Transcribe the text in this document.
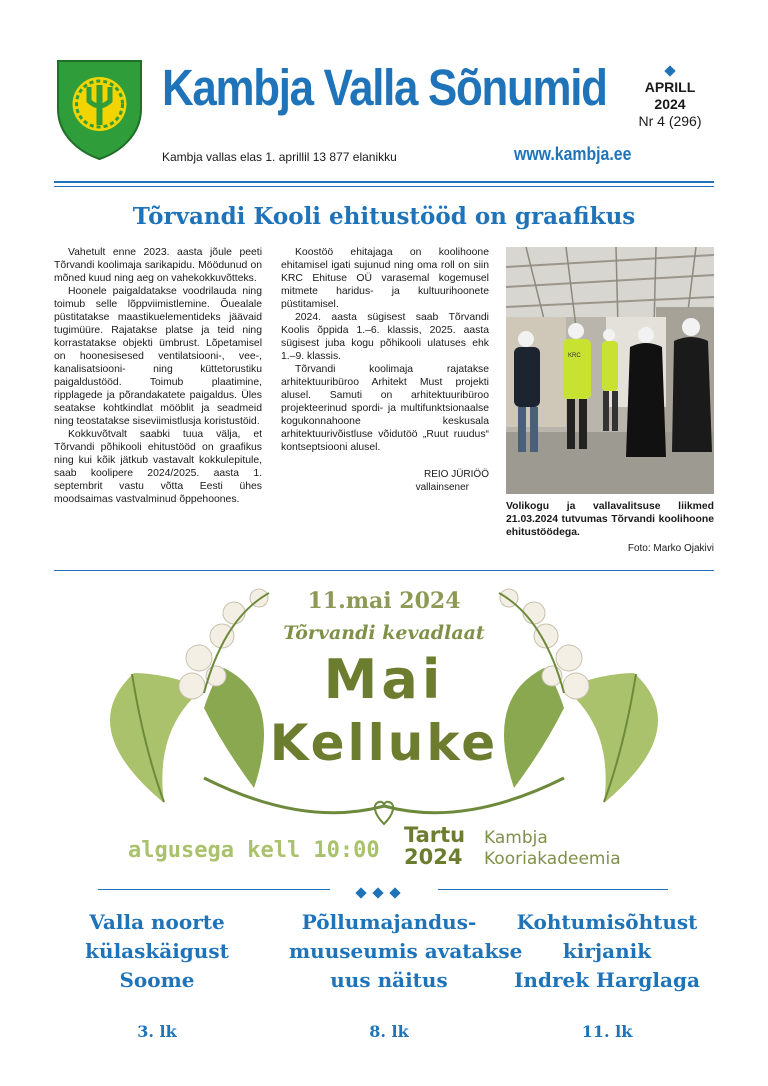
Kambja Valla Sõnumid	APRILL
2024
Nr 4 (296)
Kambja vallas elas 1. aprillil 13 877 elanikku	www.kambja.ee
Tõrvandi Kooli ehitustööd on graafikus

Vahetult enne 2023. aasta jõule peeti Tõrvandi koolimaja sarikapidu. Möödunud on mõned kuud ning aeg on vahekokkuvõtteks.

Hoonele paigaldatakse voodrilauda ning toimub selle lõppviimistlemine. Õuealale püstitatakse maastikuelementideks jäävaid tugimüüre. Rajatakse platse ja teid ning korrastatakse objekti ümbrust. Lõpetamisel on hoonesisesed ventilatsiooni-, vee-, kanalisatsiooni- ning küttetorustiku paigaldustööd. Toimub plaatimine, ripplagede ja põrandakatete paigaldus. Üles seatakse kohtkindlat mööblit ja seadmeid ning teostatakse siseviimistlusja koristustöid.

Kokkuvõtvalt saabki tuua välja, et Tõrvandi põhikooli ehitustööd on graafikus ning kui kõik jätkub vastavalt kokkulepitule, saab koolipere 2024/2025. aasta 1. septembrit vastu võtta Eesti ühes moodsaimas vastvalminud õppehoones.

Koostöö ehitajaga on koolihoone ehitamisel igati sujunud ning oma roll on siin KRC Ehituse OÜ varasemal kogemusel mitmete haridus- ja kultuurihoonete püstitamisel.

2024. aasta sügisest saab Tõrvandi Koolis õppida 1.–6. klassis, 2025. aasta sügisest juba kogu põhikooli ulatuses ehk 1.–9. klassis.

Tõrvandi koolimaja rajatakse arhitektuuribüroo Arhitekt Must projekti alusel. Samuti on arhitektuuribüroo projekteerinud spordi- ja multifunktsionaalse kogukonnahoone keskusala arhitektuurivõistluse võidutöö „Ruut ruudus“ kontseptsiooni alusel.

REIO JÜRIÖÖ
vallainsener
KRC
Volikogu ja vallavalitsuse liikmed 21.03.2024 tutvumas Tõrvandi koolihoone ehitustöödega.
Foto: Marko Ojakivi
11.mai 2024
Tõrvandi kevadlaat
Mai
Kelluke
algusega kell 10:00
Tartu
2024
Kambja
Kooriakadeemia
Valla noorte
külaskäigust
Soome
Põllumajandus-
muuseumis avatakse
uus näitus
Kohtumisõhtust
kirjanik
Indrek Harglaga
3. lk	8. lk	11. lk
